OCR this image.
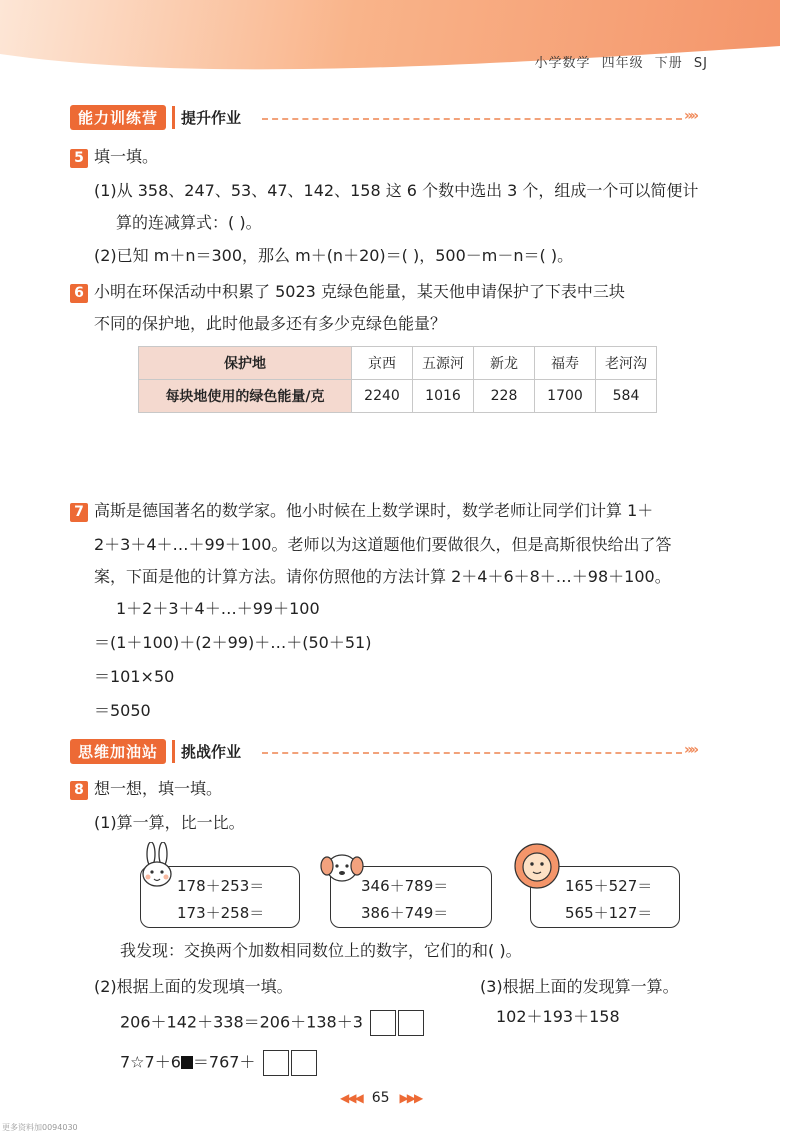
小学数学 四年级 下册 SJ
能力训练营	提升作业	»»
5 填一填。
(1)从 358、247、53、47、142、158 这 6 个数中选出 3 个，组成一个可以简便计
算的连减算式：( )。
(2)已知 m＋n＝300，那么 m＋(n＋20)＝( )，500－m－n＝( )。
6 小明在环保活动中积累了 5023 克绿色能量，某天他申请保护了下表中三块
不同的保护地，此时他最多还有多少克绿色能量？
保护地	京西	五源河	新龙	福寿	老河沟
每块地使用的绿色能量/克	2240	1016	228	1700	584
7 高斯是德国著名的数学家。他小时候在上数学课时，数学老师让同学们计算 1＋
2＋3＋4＋…＋99＋100。老师以为这道题他们要做很久，但是高斯很快给出了答
案，下面是他的计算方法。请你仿照他的方法计算 2＋4＋6＋8＋…＋98＋100。
1＋2＋3＋4＋…＋99＋100
＝(1＋100)＋(2＋99)＋…＋(50＋51)
＝101×50
＝5050
思维加油站	挑战作业	»»
8 想一想，填一填。
(1)算一算，比一比。
178＋253＝
173＋258＝
346＋789＝
386＋749＝
165＋527＝
565＋127＝
我发现：交换两个加数相同数位上的数字，它们的和( )。
(2)根据上面的发现填一填。	(3)根据上面的发现算一算。
206＋142＋338＝206＋138＋3	102＋193＋158
7☆7＋6 ＝767＋
◀◀◀ 65 ▶▶▶
更多资料加0094030
